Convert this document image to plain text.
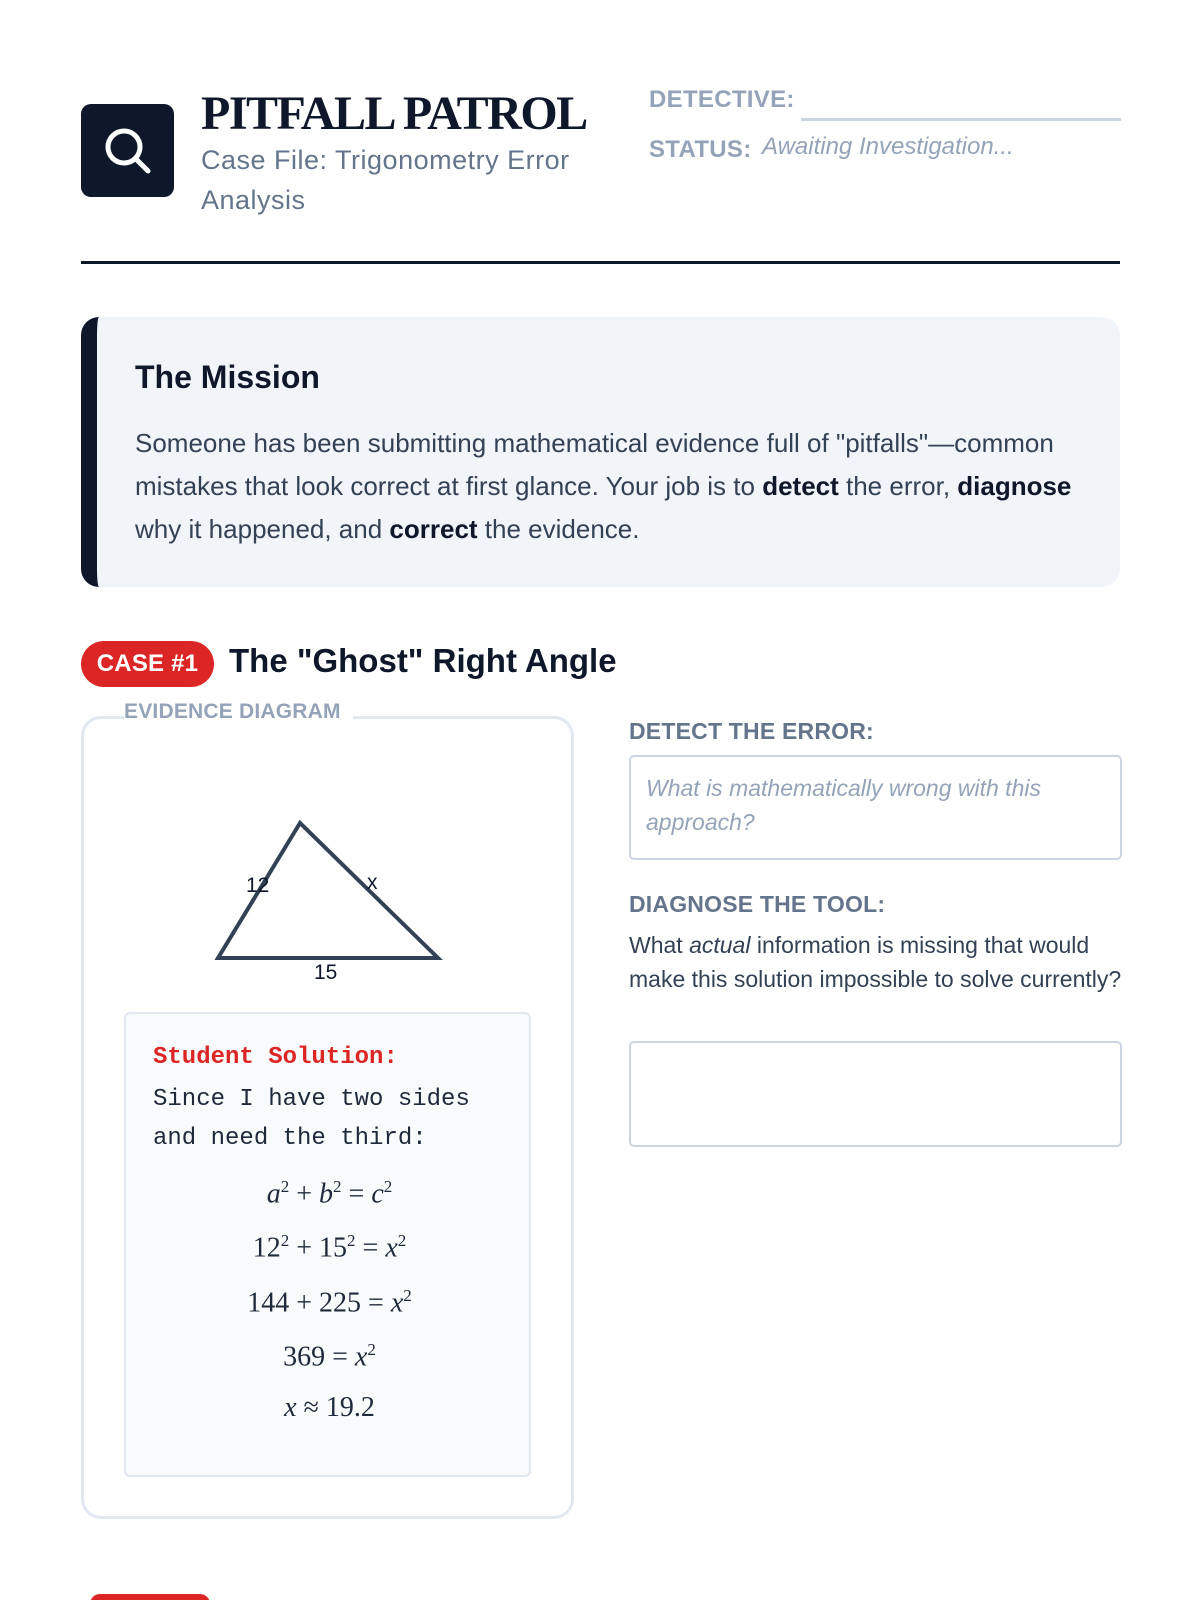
PITFALL PATROL
Case File: Trigonometry Error Analysis
DETECTIVE:
STATUS: Awaiting Investigation...
The Mission

Someone has been submitting mathematical evidence full of "pitfalls"—common mistakes that look correct at first glance. Your job is to detect the error, diagnose why it happened, and correct the evidence.

CASE #1 The "Ghost" Right Angle
EVIDENCE DIAGRAM
12	x
15
Student Solution:
Since I have two sides and need the third:
$a^2 + b^2 = c^2$
$12^2 + 15^2 = x^2$
$144 + 225 = x^2$
$369 = x^2$
x ≈ 19.2
DETECT THE ERROR:
What is mathematically wrong with this approach?
DIAGNOSE THE TOOL:
What actual information is missing that would make this solution impossible to solve currently?
